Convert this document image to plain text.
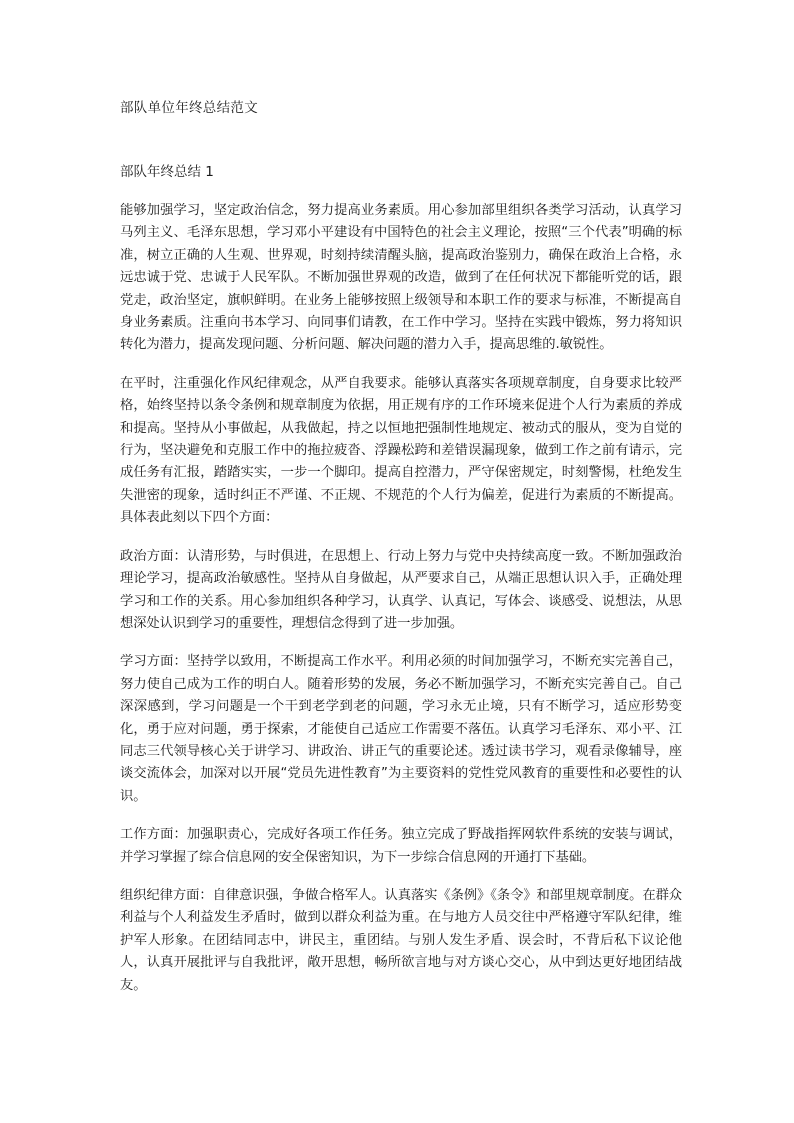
部队单位年终总结范文
部队年终总结 1

能够加强学习，坚定政治信念，努力提高业务素质。用心参加部里组织各类学习活动，认真学习马列主义、毛泽东思想，学习邓小平建设有中国特色的社会主义理论，按照“三个代表”明确的标准，树立正确的人生观、世界观，时刻持续清醒头脑，提高政治鉴别力，确保在政治上合格，永远忠诚于党、忠诚于人民军队。不断加强世界观的改造，做到了在任何状况下都能听党的话，跟党走，政治坚定，旗帜鲜明。在业务上能够按照上级领导和本职工作的要求与标准，不断提高自身业务素质。注重向书本学习、向同事们请教，在工作中学习。坚持在实践中锻炼，努力将知识转化为潜力，提高发现问题、分析问题、解决问题的潜力入手，提高思维的.敏锐性。

在平时，注重强化作风纪律观念，从严自我要求。能够认真落实各项规章制度，自身要求比较严格，始终坚持以条令条例和规章制度为依据，用正规有序的工作环境来促进个人行为素质的养成和提高。坚持从小事做起，从我做起，持之以恒地把强制性地规定、被动式的服从，变为自觉的行为，坚决避免和克服工作中的拖拉疲沓、浮躁松跨和差错误漏现象，做到工作之前有请示，完成任务有汇报，踏踏实实，一步一个脚印。提高自控潜力，严守保密规定，时刻警惕，杜绝发生失泄密的现象，适时纠正不严谨、不正规、不规范的个人行为偏差，促进行为素质的不断提高。具体表此刻以下四个方面：

政治方面：认清形势，与时俱进，在思想上、行动上努力与党中央持续高度一致。不断加强政治理论学习，提高政治敏感性。坚持从自身做起，从严要求自己，从端正思想认识入手，正确处理学习和工作的关系。用心参加组织各种学习，认真学、认真记，写体会、谈感受、说想法，从思想深处认识到学习的重要性，理想信念得到了进一步加强。

学习方面：坚持学以致用，不断提高工作水平。利用必须的时间加强学习，不断充实完善自己，努力使自己成为工作的明白人。随着形势的发展，务必不断加强学习，不断充实完善自己。自己深深感到，学习问题是一个干到老学到老的问题，学习永无止境，只有不断学习，适应形势变化，勇于应对问题，勇于探索，才能使自己适应工作需要不落伍。认真学习毛泽东、邓小平、江同志三代领导核心关于讲学习、讲政治、讲正气的重要论述。透过读书学习，观看录像辅导，座谈交流体会，加深对以开展“党员先进性教育”为主要资料的党性党风教育的重要性和必要性的认识。

工作方面：加强职责心，完成好各项工作任务。独立完成了野战指挥网软件系统的安装与调试，并学习掌握了综合信息网的安全保密知识，为下一步综合信息网的开通打下基础。

组织纪律方面：自律意识强，争做合格军人。认真落实《条例》《条令》和部里规章制度。在群众利益与个人利益发生矛盾时，做到以群众利益为重。在与地方人员交往中严格遵守军队纪律，维护军人形象。在团结同志中，讲民主，重团结。与别人发生矛盾、误会时，不背后私下议论他人，认真开展批评与自我批评，敞开思想，畅所欲言地与对方谈心交心，从中到达更好地团结战友。
